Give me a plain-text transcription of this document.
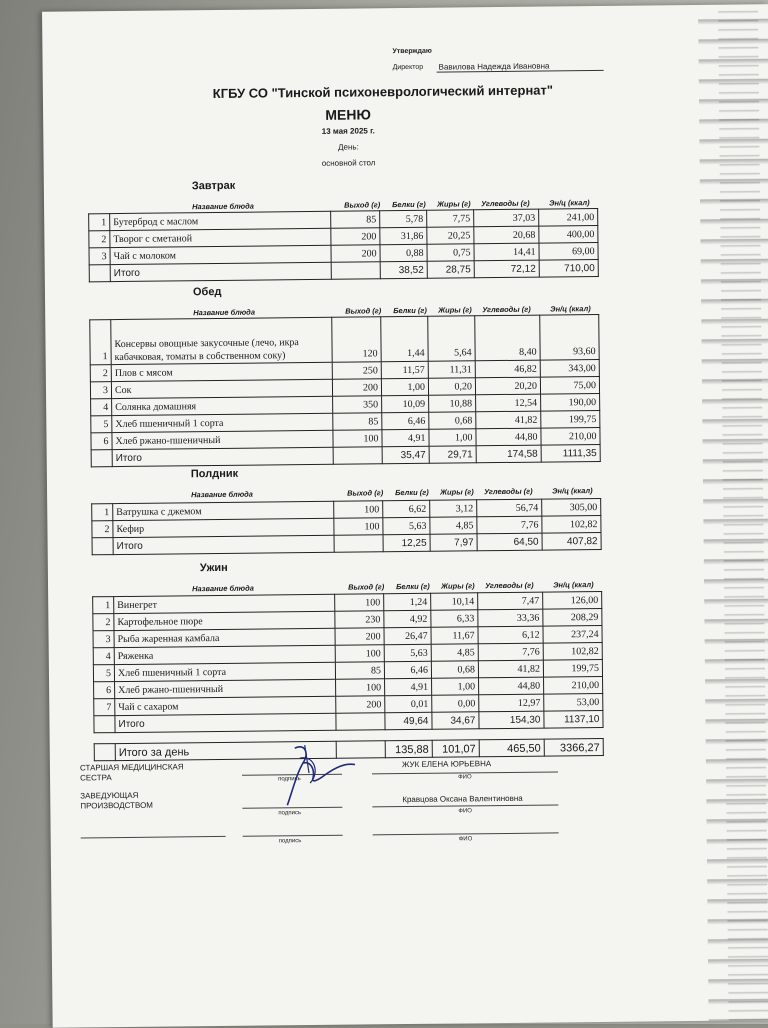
Утверждаю
Директор Вавилова Надежда Ивановна
КГБУ СО "Тинской психоневрологический интернат"
МЕНЮ
13 мая 2025 г.
День:
основной стол
Завтрак
Название блюда	Выход (г) Белки (г) Жиры (г) Углеводы (г)	Эн/ц (ккал)
1	Бутерброд с маслом	85	5,78	7,75	37,03	241,00
2	Творог с сметаной	200	31,86	20,25	20,68	400,00
3	Чай с молоком	200	0,88	0,75	14,41	69,00
	Итого		38,52	28,75	72,12	710,00
Обед
Название блюда	Выход (г) Белки (г) Жиры (г) Углеводы (г)	Эн/ц (ккал)
1	Консервы овощные закусочные (лечо, икра кабачковая, томаты в собственном соку)	120	1,44	5,64	8,40	93,60
2	Плов с мясом	250	11,57	11,31	46,82	343,00
3	Сок	200	1,00	0,20	20,20	75,00
4	Солянка домашняя	350	10,09	10,88	12,54	190,00
5	Хлеб пшеничный 1 сорта	85	6,46	0,68	41,82	199,75
6	Хлеб ржано-пшеничный	100	4,91	1,00	44,80	210,00
	Итого		35,47	29,71	174,58	1111,35
Полдник
Название блюда	Выход (г) Белки (г) Жиры (г) Углеводы (г)	Эн/ц (ккал)
1	Ватрушка с джемом	100	6,62	3,12	56,74	305,00
2	Кефир	100	5,63	4,85	7,76	102,82
	Итого		12,25	7,97	64,50	407,82
Ужин
Название блюда	Выход (г) Белки (г) Жиры (г) Углеводы (г)	Эн/ц (ккал)
1	Винегрет	100	1,24	10,14	7,47	126,00
2	Картофельное пюре	230	4,92	6,33	33,36	208,29
3	Рыба жаренная камбала	200	26,47	11,67	6,12	237,24
4	Ряженка	100	5,63	4,85	7,76	102,82
5	Хлеб пшеничный 1 сорта	85	6,46	0,68	41,82	199,75
6	Хлеб ржано-пшеничный	100	4,91	1,00	44,80	210,00
7	Чай с сахаром	200	0,01	0,00	12,97	53,00
	Итого		49,64	34,67	154,30	1137,10
	Итого за день		135,88	101,07	465,50	3366,27
СТАРШАЯ МЕДИЦИНСКАЯ
СЕСТРА	подпись
ЖУК ЕЛЕНА ЮРЬЕВНА
ФИО
ЗАВЕДУЮЩАЯ
ПРОИЗВОДСТВОМ
подпись
Кравцова Оксана Валентиновна
ФИО
подпись	ФИО
